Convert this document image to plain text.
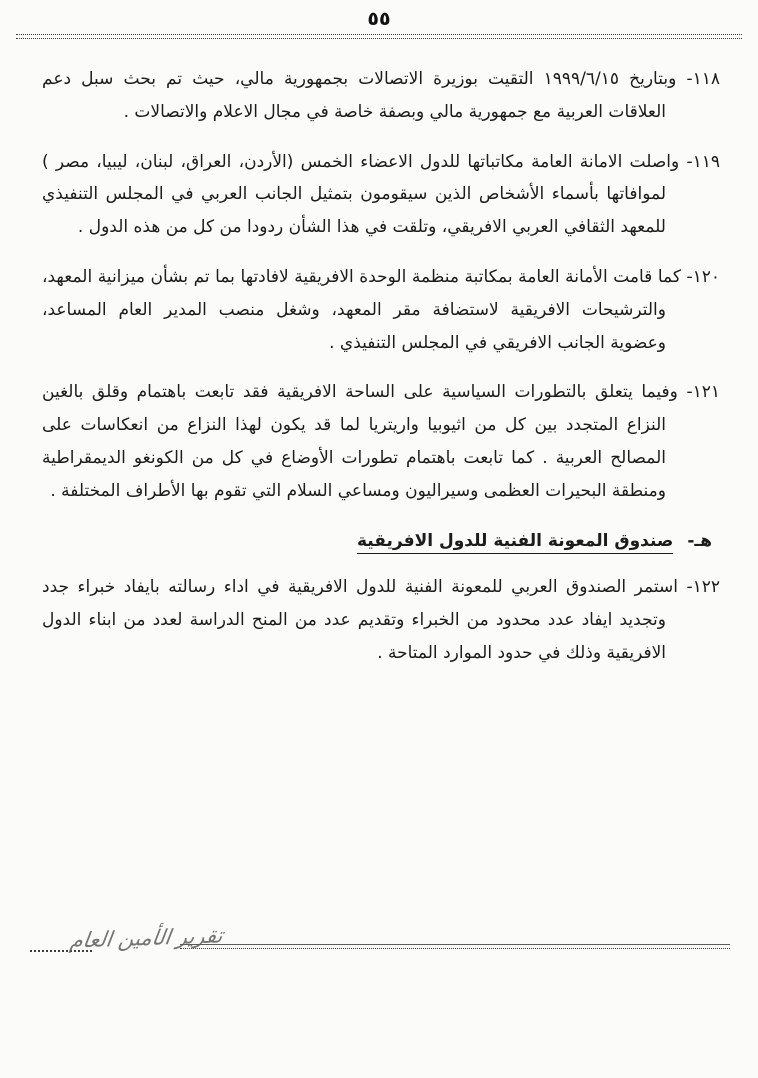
٥٥

١١٨-وبتاريخ ١٩٩٩/٦/١٥ التقيت بوزيرة الاتصالات بجمهورية مالي، حيث تم بحث سبل دعم العلاقات العربية مع جمهورية مالي وبصفة خاصة في مجال الاعلام والاتصالات .

١١٩-واصلت الامانة العامة مكاتباتها للدول الاعضاء الخمس (الأردن، العراق، لبنان، ليبيا، مصر ) لموافاتها بأسماء الأشخاص الذين سيقومون بتمثيل الجانب العربي في المجلس التنفيذي للمعهد الثقافي العربي الافريقي، وتلقت في هذا الشأن ردودا من كل من هذه الدول .

١٢٠-كما قامت الأمانة العامة بمكاتبة منظمة الوحدة الافريقية لافادتها بما تم بشأن ميزانية المعهد، والترشيحات الافريقية لاستضافة مقر المعهد، وشغل منصب المدير العام المساعد، وعضوية الجانب الافريقي في المجلس التنفيذي .

١٢١-وفيما يتعلق بالتطورات السياسية على الساحة الافريقية فقد تابعت باهتمام وقلق بالغين النزاع المتجدد بين كل من اثيوبيا واريتريا لما قد يكون لهذا النزاع من انعكاسات على المصالح العربية . كما تابعت باهتمام تطورات الأوضاع في كل من الكونغو الديمقراطية ومنطقة البحيرات العظمى وسيراليون ومساعي السلام التي تقوم بها الأطراف المختلفة .

هـ-صندوق المعونة الفنية للدول الافريقية

١٢٢-استمر الصندوق العربي للمعونة الفنية للدول الافريقية في اداء رسالته بايفاد خبراء جدد وتجديد ايفاد عدد محدود من الخبراء وتقديم عدد من المنح الدراسة لعدد من ابناء الدول الافريقية وذلك في حدود الموارد المتاحة .

تقرير الأمين العام
